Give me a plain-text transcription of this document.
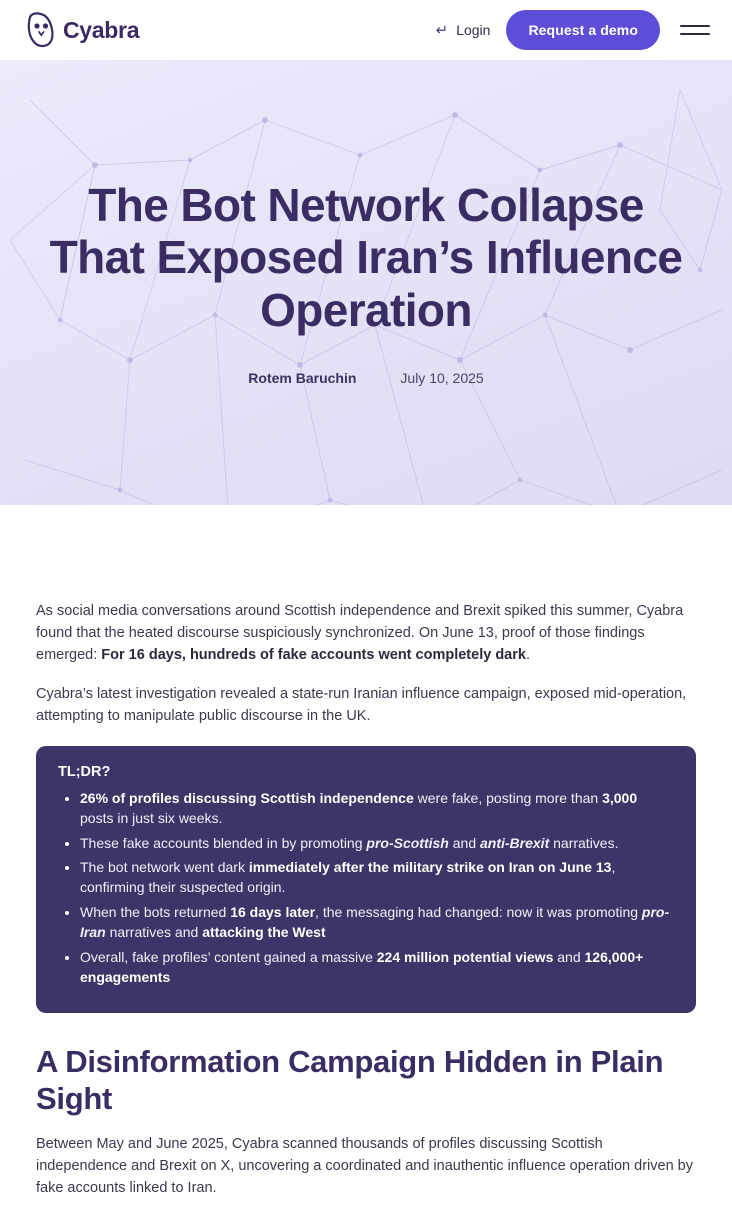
Cyabra	↵ Login	Request a demo
The Bot Network Collapse That Exposed Iran’s Influence Operation
Rotem Baruchin	July 10, 2025

As social media conversations around Scottish independence and Brexit spiked this summer, Cyabra found that the heated discourse suspiciously synchronized. On June 13, proof of those findings emerged: For 16 days, hundreds of fake accounts went completely dark.

Cyabra’s latest investigation revealed a state-run Iranian influence campaign, exposed mid-operation, attempting to manipulate public discourse in the UK.

TL;DR?
26% of profiles discussing Scottish independence were fake, posting more than 3,000 posts in just six weeks.
These fake accounts blended in by promoting pro-Scottish and anti-Brexit narratives.
The bot network went dark immediately after the military strike on Iran on June 13, confirming their suspected origin.
When the bots returned 16 days later, the messaging had changed: now it was promoting pro-Iran narratives and attacking the West
Overall, fake profiles’ content gained a massive 224 million potential views and 126,000+ engagements
A Disinformation Campaign Hidden in Plain Sight

Between May and June 2025, Cyabra scanned thousands of profiles discussing Scottish independence and Brexit on X, uncovering a coordinated and inauthentic influence operation driven by fake accounts linked to Iran.
